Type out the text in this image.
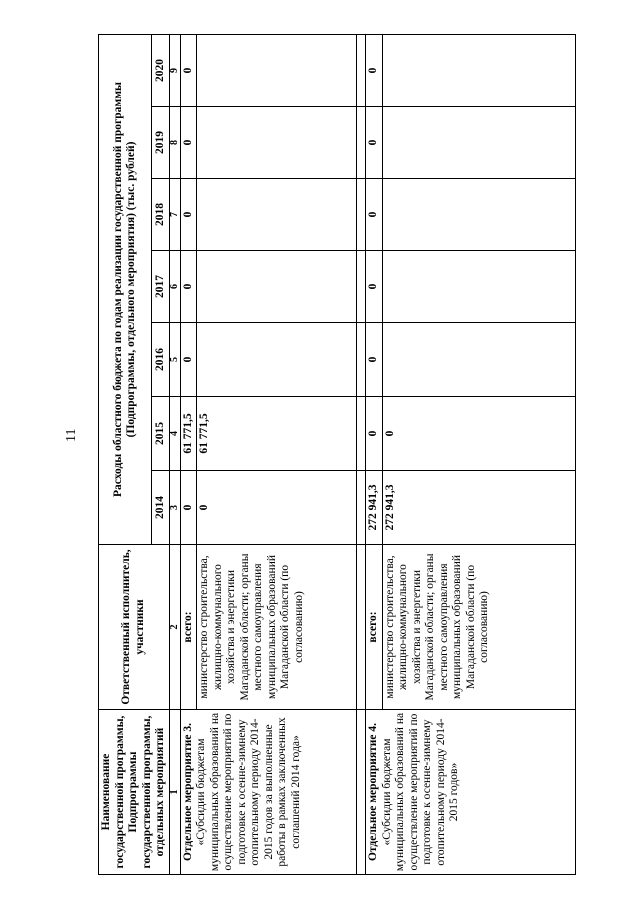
11
Наименование государственной программы, Подпрограммы государственной программы, отдельных мероприятий	Ответственный исполнитель, участники	Расходы областного бюджета по годам реализации государственной программы (Подпрограммы, отдельного мероприятия) (тыс. рублей)						
		2014	2015	2016	2017	2018	2019	2020
1	2	3	4	5	6	7	8	9

Отдельное мероприятие 3. «Субсидии бюджетам муниципальных образований на осуществление мероприятий по подготовке к осенне-зимнему отопительному периоду 2014-2015 годов за выполненные работы в рамках заключенных соглашений 2014 года»	всего:	0	61 771,5	0	0	0	0	0
	министерство строительства, жилищно-коммунального хозяйства и энергетики Магаданской области; органы местного самоуправления муниципальных образований Магаданской области (по согласованию)	0	61 771,5					

Отдельное мероприятие 4. «Субсидии бюджетам муниципальных образований на осуществление мероприятий по подготовке к осенне-зимнему отопительному периоду 2014-2015 годов»	всего:	272 941,3	0	0	0	0	0	0
	министерство строительства, жилищно-коммунального хозяйства и энергетики Магаданской области; органы местного самоуправления муниципальных образований Магаданской области (по согласованию)	272 941,3	0					
